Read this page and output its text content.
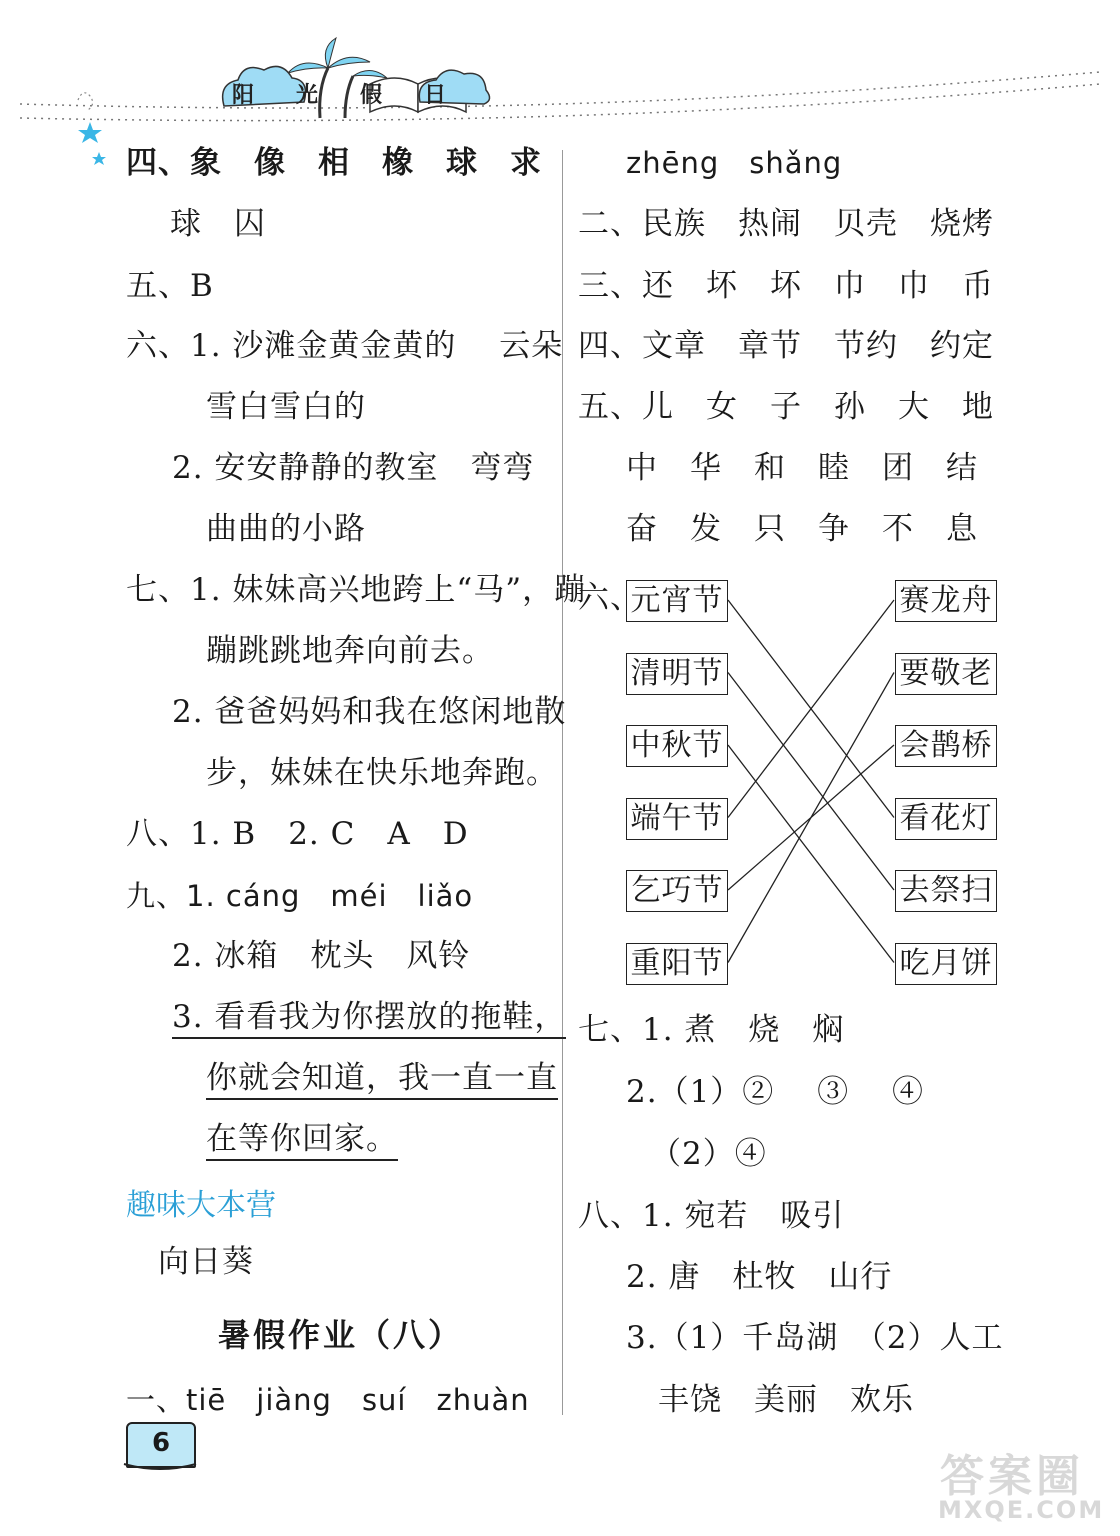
阳光假日
四、象　像　相　橡　球　求
球　囚
五、B
六、1. 沙滩金黄金黄的　 云朵
雪白雪白的
2. 安安静静的教室　弯弯
曲曲的小路
七、1. 妹妹高兴地跨上“马”，蹦
蹦跳跳地奔向前去。
2. 爸爸妈妈和我在悠闲地散
步，妹妹在快乐地奔跑。
八、1. B　2. C　A　D
九、1. cáng　méi　liǎo
2. 冰箱　枕头　风铃
3. 看看我为你摆放的拖鞋，
你就会知道，我一直一直
在等你回家。
趣味大本营
向日葵
暑假作业（八）
一、tiē　jiàng　suí　zhuàn
zhēng　shǎng
二、民族　热闹　贝壳　烧烤
三、还　坏　坏　巾　巾　币
四、文章　章节　节约　约定
五、儿　女　子　孙　大　地
中　华　和　睦　团　结
奋　发　只　争　不　息
六、
元宵节
清明节
中秋节
端午节
乞巧节
重阳节
赛龙舟
要敬老
会鹊桥
看花灯
去祭扫
吃月饼
七、1. 煮　烧　焖
2.（1）②　 ③　 ④
（2）④
八、1. 宛若　吸引
2. 唐　杜牧　山行
3.（1）千岛湖　（2）人工
丰饶　美丽　欢乐
6
答案圈
MXQE.COM
